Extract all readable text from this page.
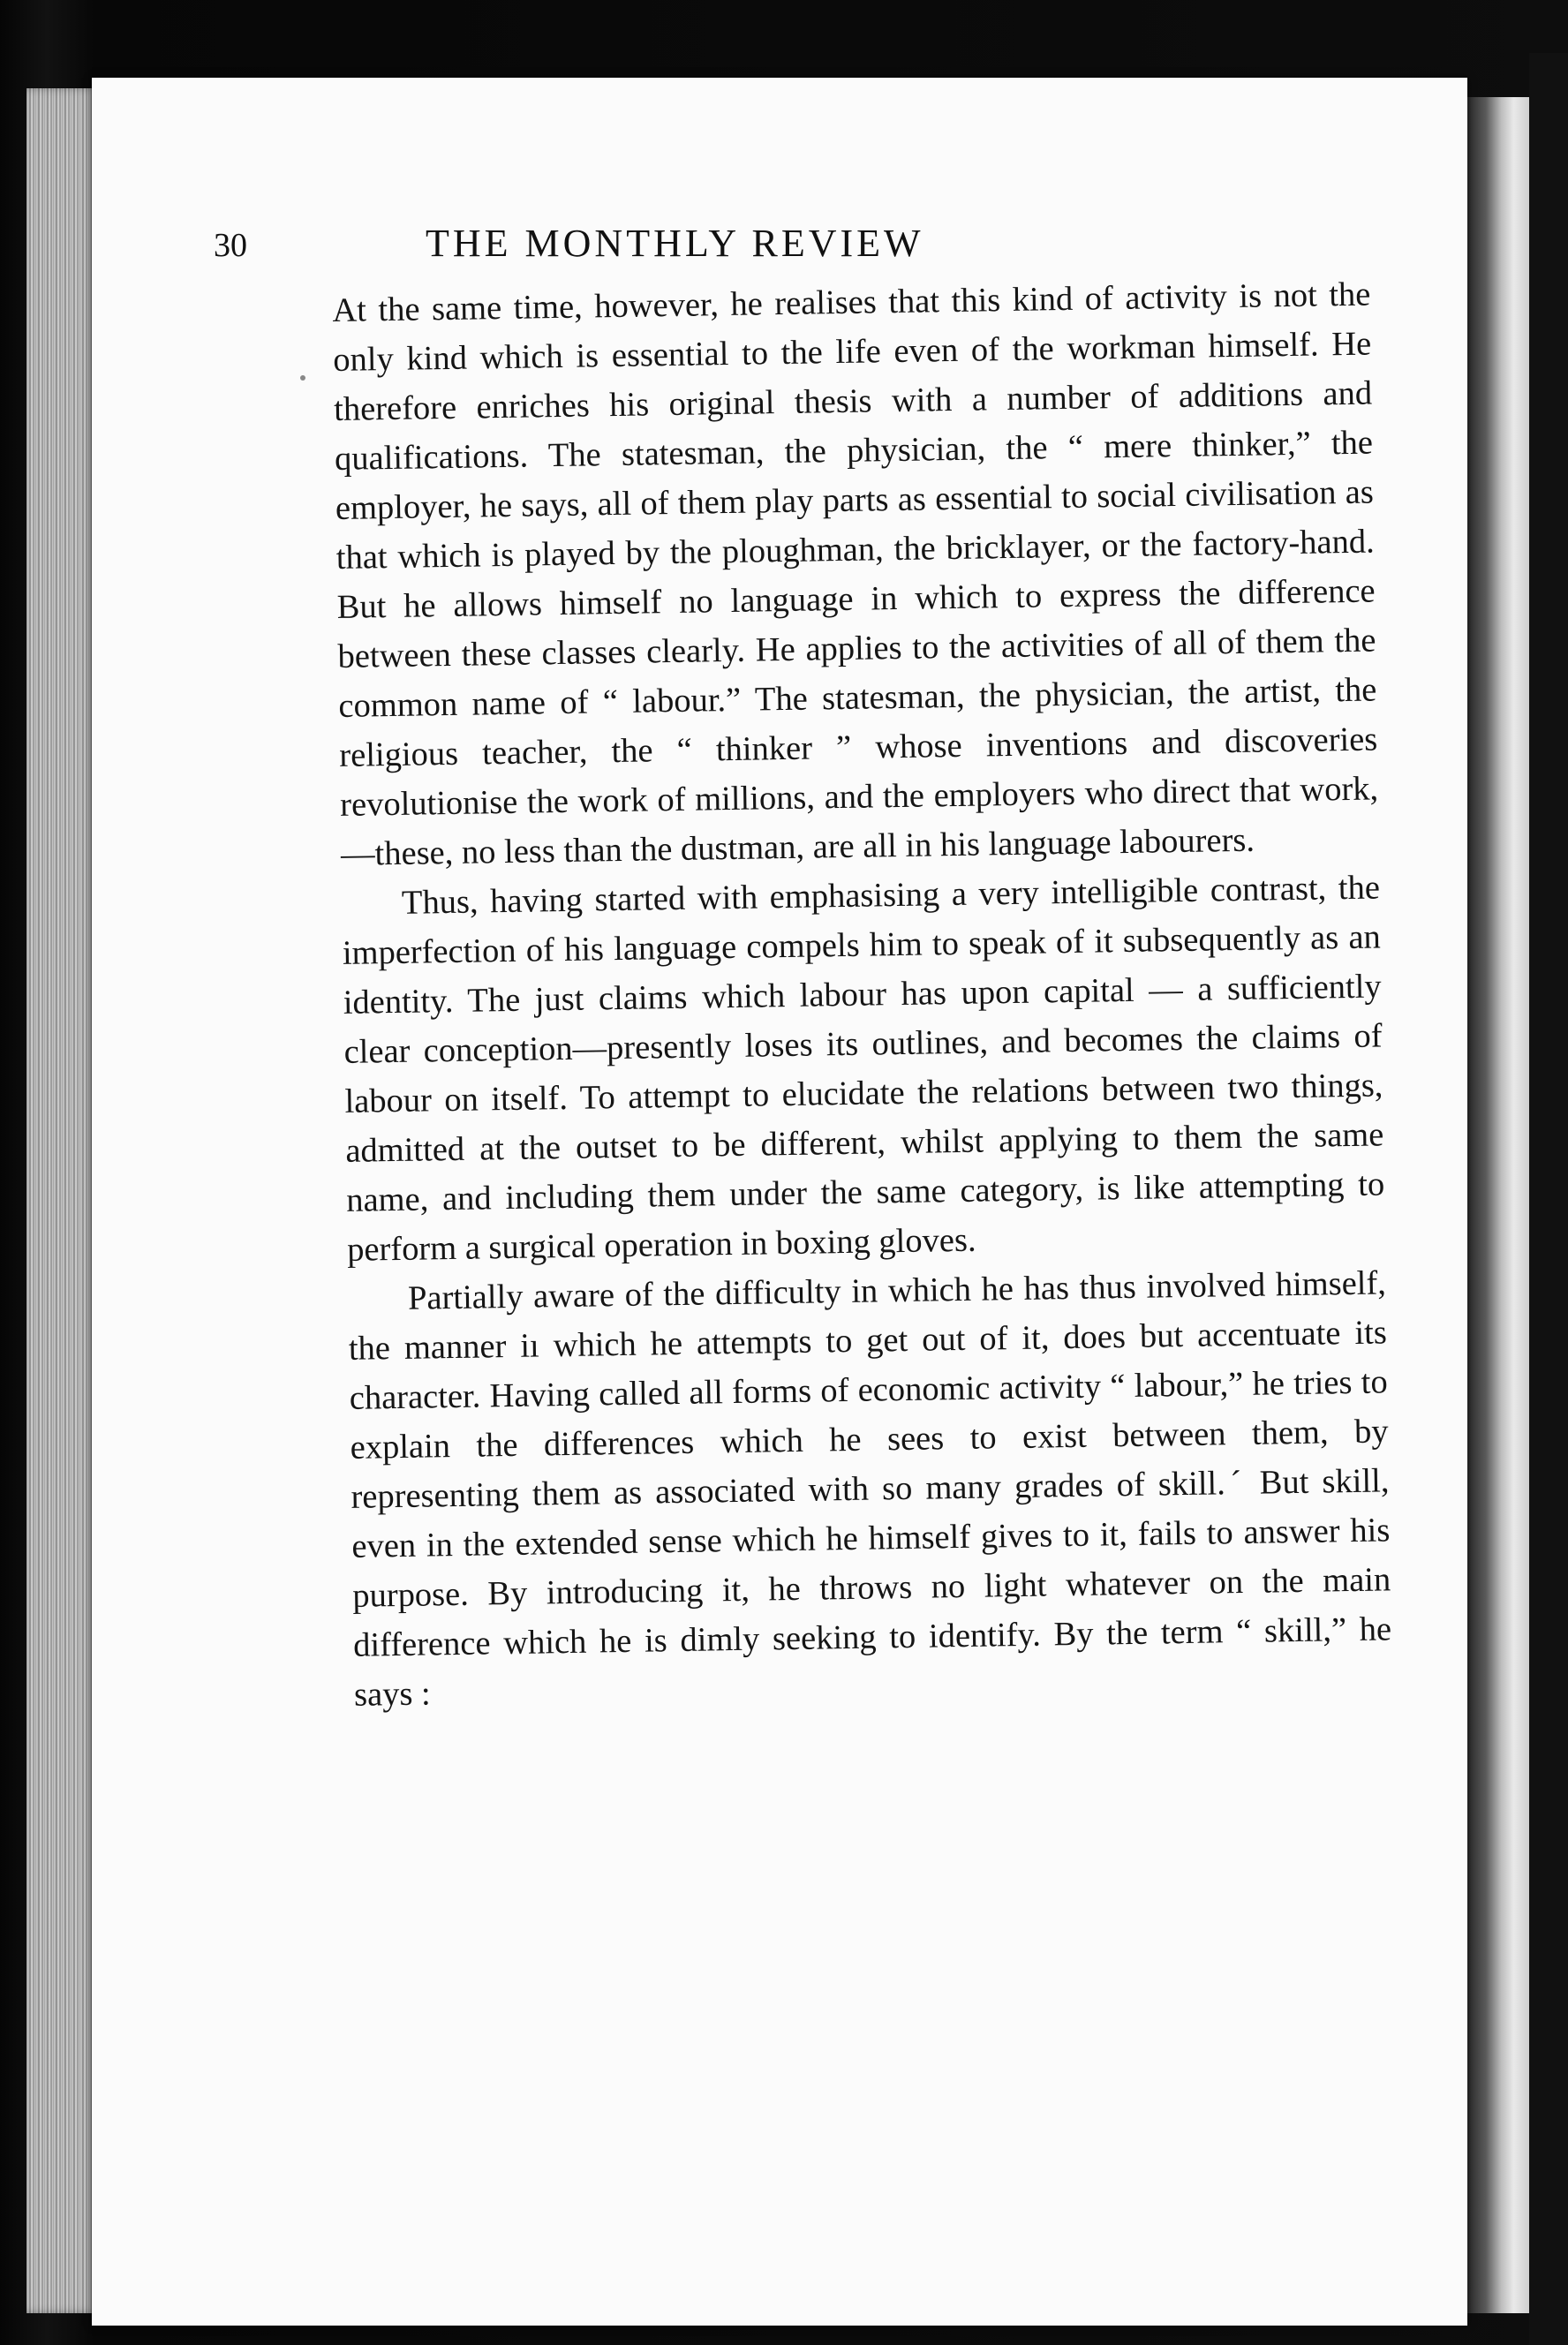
30	THE MONTHLY REVIEW

At the same time, however, he realises that this kind of activity is not the only kind which is essential to the life even of the workman himself. He therefore enriches his original thesis with a number of additions and qualifications. The statesman, the physician, the “ mere thinker,” the employer, he says, all of them play parts as essential to social civilisation as that which is played by the ploughman, the bricklayer, or the factory-hand. But he allows himself no language in which to express the difference between these classes clearly. He applies to the activities of all of them the common name of “ labour.” The statesman, the physician, the artist, the religious teacher, the “ thinker ” whose inventions and discoveries revolutionise the work of millions, and the employers who direct that work,—these, no less than the dustman, are all in his language labourers.

Thus, having started with emphasising a very intelligible contrast, the imperfection of his language compels him to speak of it subsequently as an identity. The just claims which labour has upon capital — a sufficiently clear conception—presently loses its outlines, and becomes the claims of labour on itself. To attempt to elucidate the relations between two things, admitted at the outset to be different, whilst applying to them the same name, and including them under the same category, is like attempting to perform a surgical operation in boxing gloves.

Partially aware of the difficulty in which he has thus involved himself, the manner iı which he attempts to get out of it, does but accentuate its character. Having called all forms of economic activity “ labour,” he tries to explain the differences which he sees to exist between them, by representing them as associated with so many grades of skill.ˊ But skill, even in the extended sense which he himself gives to it, fails to answer his purpose. By introducing it, he throws no light whatever on the main difference which he is dimly seeking to identify. By the term “ skill,” he says :
